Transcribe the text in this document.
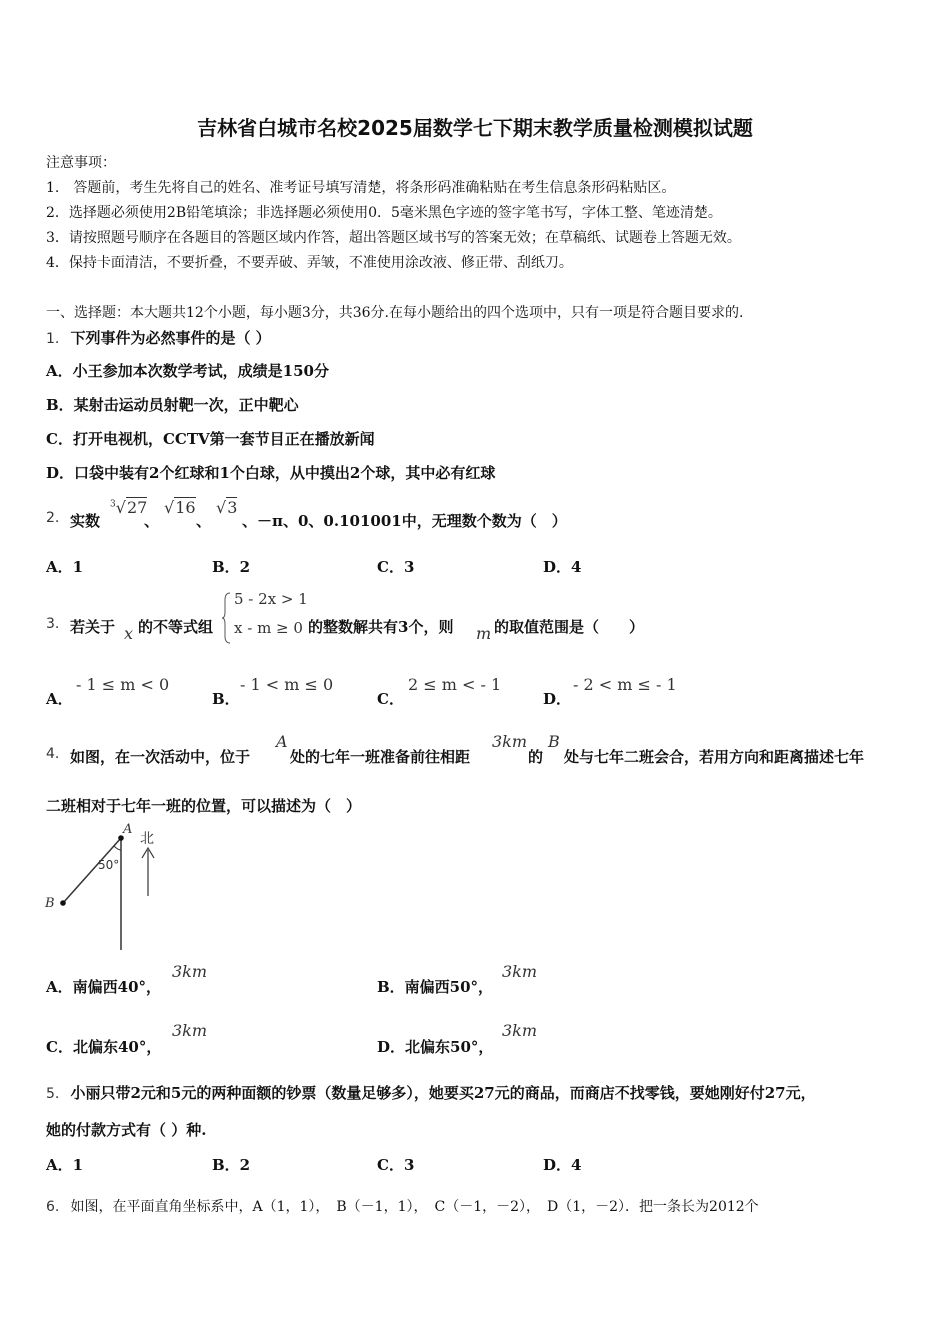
吉林省白城市名校2025届数学七下期末教学质量检测模拟试题
注意事项：
1.　答题前，考生先将自己的姓名、准考证号填写清楚，将条形码准确粘贴在考生信息条形码粘贴区。
2．选择题必须使用2B铅笔填涂；非选择题必须使用0．5毫米黑色字迹的签字笔书写，字体工整、笔迹清楚。
3．请按照题号顺序在各题目的答题区域内作答，超出答题区域书写的答案无效；在草稿纸、试题卷上答题无效。
4．保持卡面清洁，不要折叠，不要弄破、弄皱，不准使用涂改液、修正带、刮纸刀。
一、选择题：本大题共12个小题，每小题3分，共36分.在每小题给出的四个选项中，只有一项是符合题目要求的.
1. 下列事件为必然事件的是（ ）
A．小王参加本次数学考试，成绩是150分
B．某射击运动员射靶一次，正中靶心
C．打开电视机，CCTV第一套节目正在播放新闻
D．口袋中装有2个红球和1个白球，从中摸出2个球，其中必有红球
2. 实数
$^3$√27
、
√16
、
√3
、－π、0、0.101001中，无理数个数为（　）
A．1	B．2	C．3	D．4
3. 若关于 x 的不等式组
5 - 2x > 1
x - m ≥ 0 的整数解共有3个，则 m 的取值范围是（　　）
A．
- 1 ≤ m < 0
B．
- 1 < m ≤ 0
C．
2 ≤ m < - 1
D．
- 2 < m ≤ - 1
4. 如图，在一次活动中，位于
A
处的七年一班准备前往相距
3km
的
B
处与七年二班会合，若用方向和距离描述七年
二班相对于七年一班的位置，可以描述为（　）
A
B
北
50°
A．南偏西40°，
3km
B．南偏西50°，
3km
C．北偏东40°，
3km
D．北偏东50°，
3km
5. 小丽只带2元和5元的两种面额的钞票（数量足够多），她要买27元的商品，而商店不找零钱，要她刚好付27元，
她的付款方式有（ ）种.
A．1	B．2	C．3	D．4
6. 如图，在平面直角坐标系中，A（1，1），　B（－1，1），　C（－1，－2），　D（1，－2）．把一条长为2012个
